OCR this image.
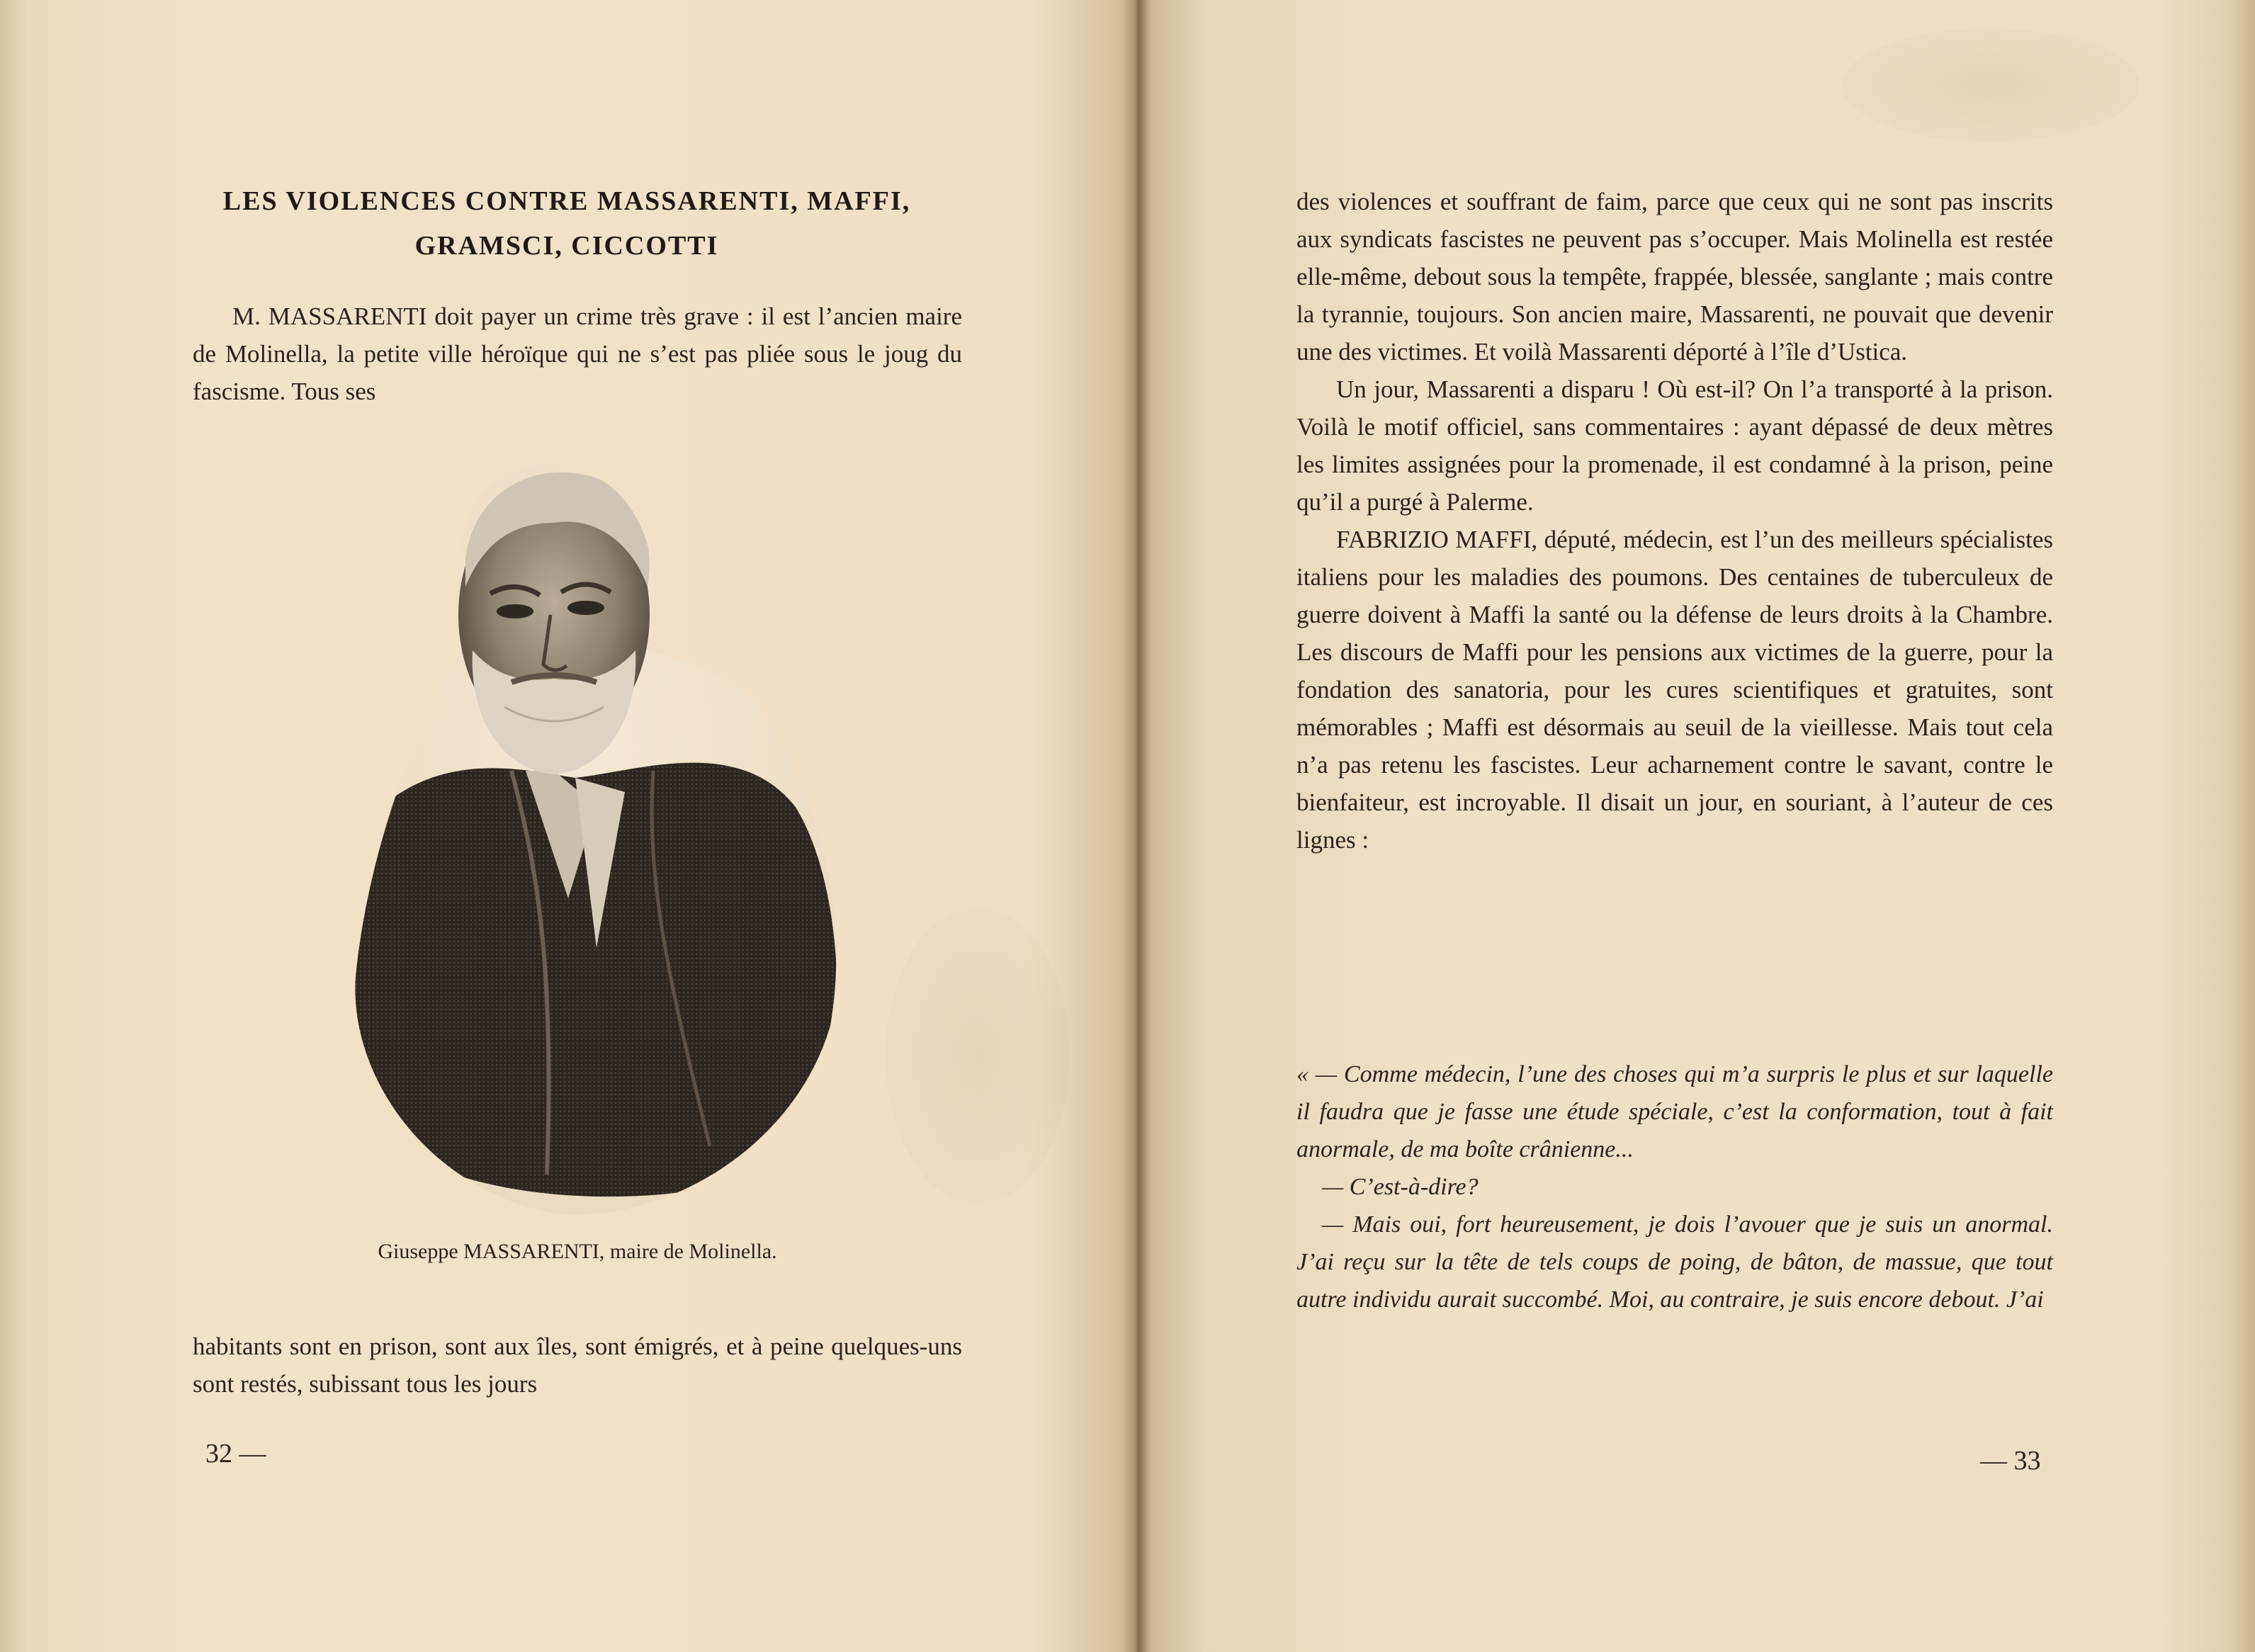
LES VIOLENCES CONTRE MASSARENTI, MAFFI,
GRAMSCI, CICCOTTI

M. MASSARENTI doit payer un crime très grave : il est l’ancien maire de Molinella, la petite ville héroïque qui ne s’est pas pliée sous le joug du fascisme. Tous ses

Giuseppe MASSARENTI, maire de Molinella.

habitants sont en prison, sont aux îles, sont émigrés, et à peine quelques-uns sont restés, subissant tous les jours

32 —

des violences et souffrant de faim, parce que ceux qui ne sont pas inscrits aux syndicats fascistes ne peuvent pas s’occuper. Mais Molinella est restée elle-même, debout sous la tempête, frappée, blessée, sanglante ; mais contre la tyrannie, toujours. Son ancien maire, Massarenti, ne pouvait que devenir une des victimes. Et voilà Massarenti déporté à l’île d’Ustica.

Un jour, Massarenti a disparu ! Où est-il? On l’a transporté à la prison. Voilà le motif officiel, sans commentaires : ayant dépassé de deux mètres les limites assignées pour la promenade, il est condamné à la prison, peine qu’il a purgé à Palerme.

FABRIZIO MAFFI, député, médecin, est l’un des meilleurs spécialistes italiens pour les maladies des poumons. Des centaines de tuberculeux de guerre doivent à Maffi la santé ou la défense de leurs droits à la Chambre. Les discours de Maffi pour les pensions aux victimes de la guerre, pour la fondation des sanatoria, pour les cures scientifiques et gratuites, sont mémorables ; Maffi est désormais au seuil de la vieillesse. Mais tout cela n’a pas retenu les fascistes. Leur acharnement contre le savant, contre le bienfaiteur, est incroyable. Il disait un jour, en souriant, à l’auteur de ces lignes :

« — Comme médecin, l’une des choses qui m’a surpris le plus et sur laquelle il faudra que je fasse une étude spéciale, c’est la conformation, tout à fait anormale, de ma boîte crânienne...

— C’est-à-dire?

— Mais oui, fort heureusement, je dois l’avouer que je suis un anormal. J’ai reçu sur la tête de tels coups de poing, de bâton, de massue, que tout autre individu aurait succombé. Moi, au contraire, je suis encore debout. J’ai

— 33
